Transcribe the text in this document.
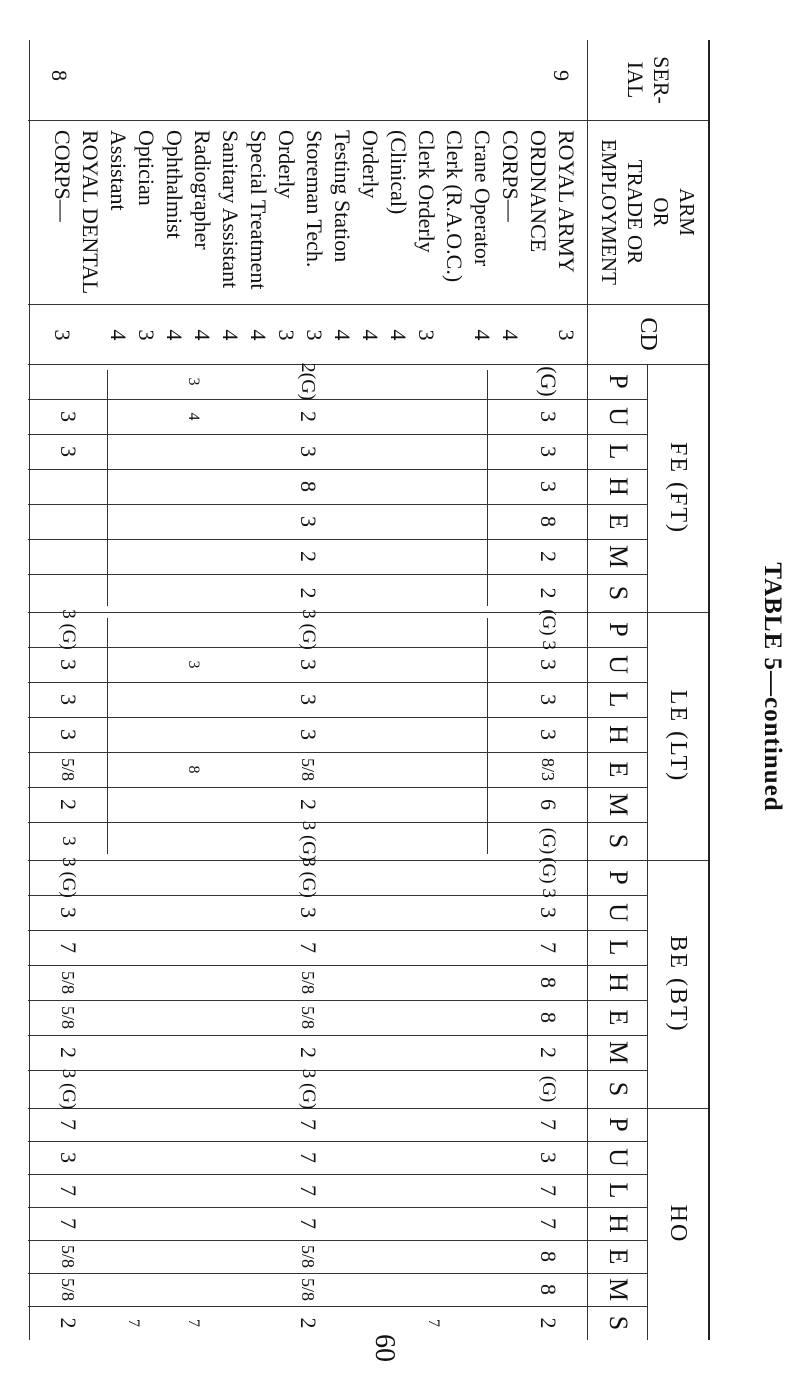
TABLE 5—continued
60
SER-
IAL
ARM
OR
TRADE OR
EMPLOYMENT
CD
FE (FT)
LE (LT)
BE (BT)
HO
P
U
L
H
E
M
S
P
U
L
H
E
M
S
P
U
L
H
E
M
S
P
U
L
H
E
M
S
9
8
ROYAL ARMY
ORDNANCE
CORPS—
Crane Operator
Clerk (R.A.O.C.)
Clerk Orderly
(Clinical)
Orderly
Testing Station
Storeman Tech.
Orderly
Special Treatment
Sanitary Assistant
Radiographer
Ophthalmist
Optician
Assistant
ROYAL DENTAL
CORPS—
3
4
4
3
4
4
4
3
3
4
4
4
4
3
4
3
(G)
3
3
3
8
2
2
2(G)
2
3
8
3
2
2
3
3
(G) 3
3
3
3
8/3
6
(G)
3 (G)
3
3
3
5/8
2
3 (G)
3 (G)
3
3
3
5/8
2
3
(G) 3
3
7
8
8
2
(G)
3 (G)
3
7
5/8
5/8
2
3 (G)
3 (G)
3
7
5/8
5/8
2
3 (G)
7
3
7
7
8
8
2
7
7
7
7
5/8
5/8
2
7
3
7
7
5/8
5/8
2	7	7
7
3
4
3
8
